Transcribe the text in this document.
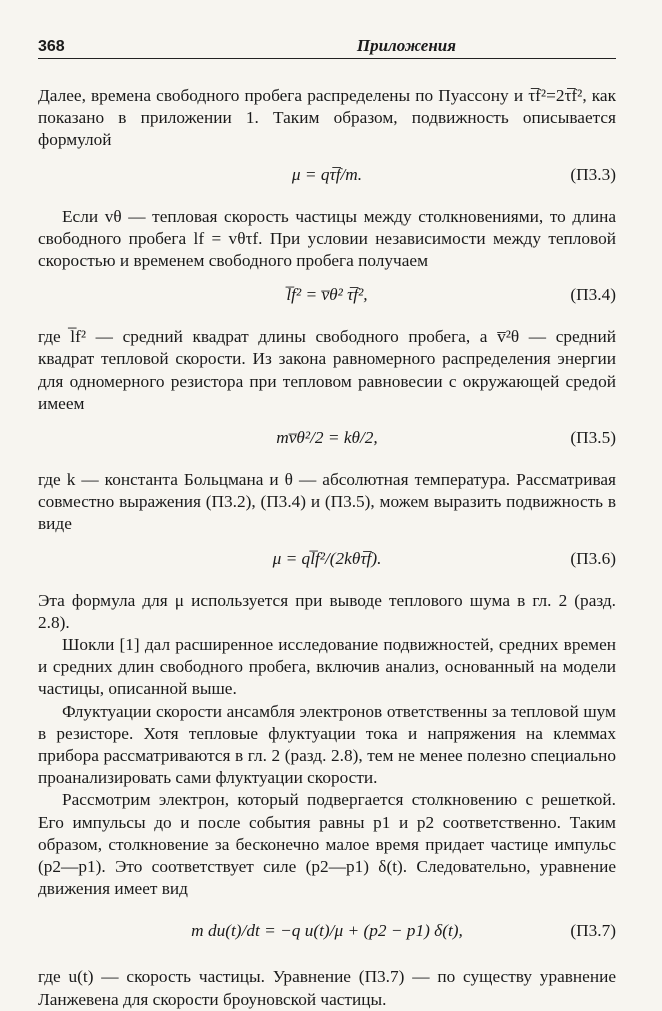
368	Приложения

Далее, времена свободного пробега распределены по Пуассону и τ̅f²=2τ̅f², как показано в приложении 1. Таким образом, подвижность описывается формулой

μ = qτ̅f/m.	(П3.3)

Если vθ — тепловая скорость частицы между столкновениями, то длина свободного пробега lf = vθτf. При условии независимости между тепловой скоростью и временем свободного пробега получаем

l̅f² = v̅θ² τ̅f²,	(П3.4)

где l̅f² — средний квадрат длины свободного пробега, а v̅²θ — средний квадрат тепловой скорости. Из закона равномерного распределения энергии для одномерного резистора при тепловом равновесии с окружающей средой имеем

mv̅θ²/2 = kθ/2,	(П3.5)

где k — константа Больцмана и θ — абсолютная температура. Рассматривая совместно выражения (П3.2), (П3.4) и (П3.5), можем выразить подвижность в виде

μ = ql̅f²/(2kθτ̅f).	(П3.6)

Эта формула для μ используется при выводе теплового шума в гл. 2 (разд. 2.8).

Шокли [1] дал расширенное исследование подвижностей, средних времен и средних длин свободного пробега, включив анализ, основанный на модели частицы, описанной выше.

Флуктуации скорости ансамбля электронов ответственны за тепловой шум в резисторе. Хотя тепловые флуктуации тока и напряжения на клеммах прибора рассматриваются в гл. 2 (разд. 2.8), тем не менее полезно специально проанализировать сами флуктуации скорости.

Рассмотрим электрон, который подвергается столкновению с решеткой. Его импульсы до и после события равны p1 и p2 соответственно. Таким образом, столкновение за бесконечно малое время придает частице импульс (p2—p1). Это соответствует силе (p2—p1) δ(t). Следовательно, уравнение движения имеет вид

m du(t)/dt = −q u(t)/μ + (p2 − p1) δ(t),	(П3.7)

где u(t) — скорость частицы. Уравнение (П3.7) — по существу уравнение Ланжевена для скорости броуновской частицы.
